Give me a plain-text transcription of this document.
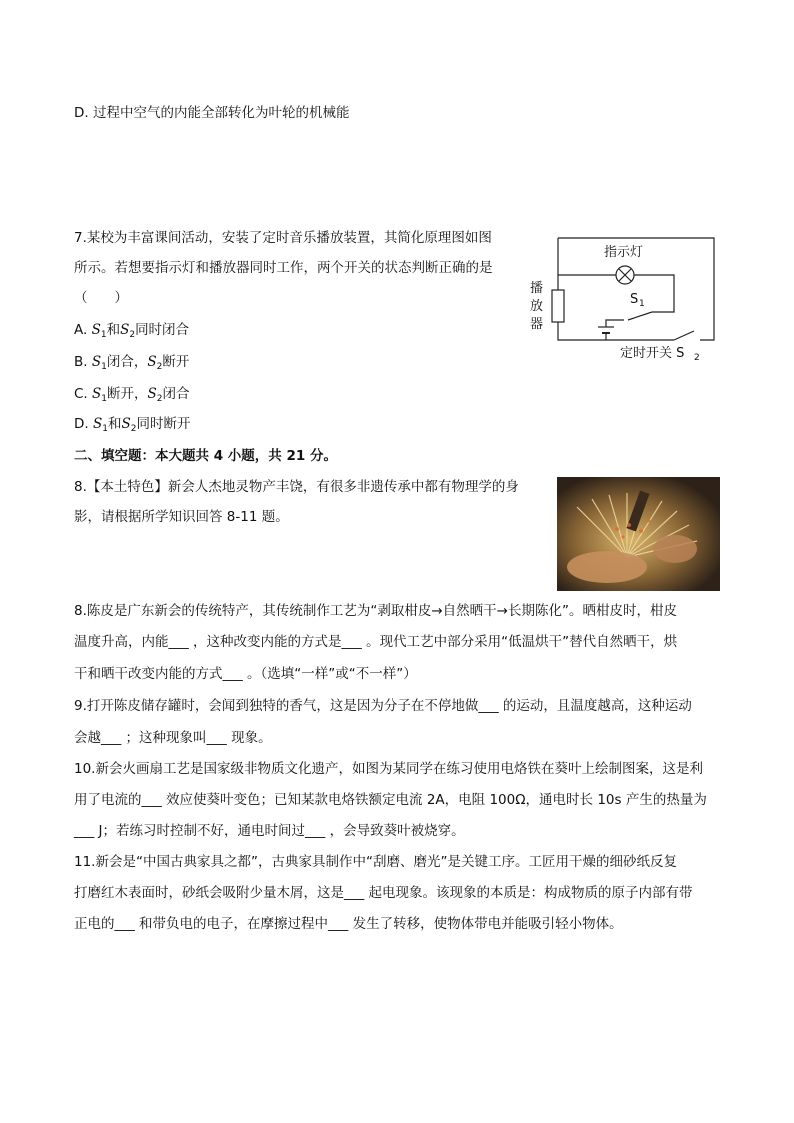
D. 过程中空气的内能全部转化为叶轮的机械能
7.某校为丰富课间活动，安装了定时音乐播放装置，其简化原理图如图
所示。若想要指示灯和播放器同时工作，两个开关的状态判断正确的是
（　　）
A. $S_1$和$S_2$同时闭合
B. $S_1$闭合，$S_2$断开
C. $S_1$断开，$S_2$闭合
D. $S_1$和$S_2$同时断开
指示灯
播
放
器
S 1
定时开关 S 2
二、填空题：本大题共 4 小题，共 21 分。
8.【本土特色】新会人杰地灵物产丰饶，有很多非遗传承中都有物理学的身
影，请根据所学知识回答 8-11 题。
8.陈皮是广东新会的传统特产，其传统制作工艺为“剥取柑皮→自然晒干→长期陈化”。晒柑皮时，柑皮
温度升高，内能___ ，这种改变内能的方式是___ 。现代工艺中部分采用“低温烘干”替代自然晒干，烘
干和晒干改变内能的方式___ 。（选填“一样”或“不一样”）
9.打开陈皮储存罐时，会闻到独特的香气，这是因为分子在不停地做___ 的运动，且温度越高，这种运动
会越___ ；这种现象叫___ 现象。
10.新会火画扇工艺是国家级非物质文化遗产，如图为某同学在练习使用电烙铁在葵叶上绘制图案，这是利
用了电流的___ 效应使葵叶变色；已知某款电烙铁额定电流 2A，电阻 100Ω，通电时长 10s 产生的热量为
___ J；若练习时控制不好，通电时间过___ ，会导致葵叶被烧穿。
11.新会是“中国古典家具之都”，古典家具制作中“刮磨、磨光”是关键工序。工匠用干燥的细砂纸反复
打磨红木表面时，砂纸会吸附少量木屑，这是___ 起电现象。该现象的本质是：构成物质的原子内部有带
正电的___ 和带负电的电子，在摩擦过程中___ 发生了转移，使物体带电并能吸引轻小物体。
